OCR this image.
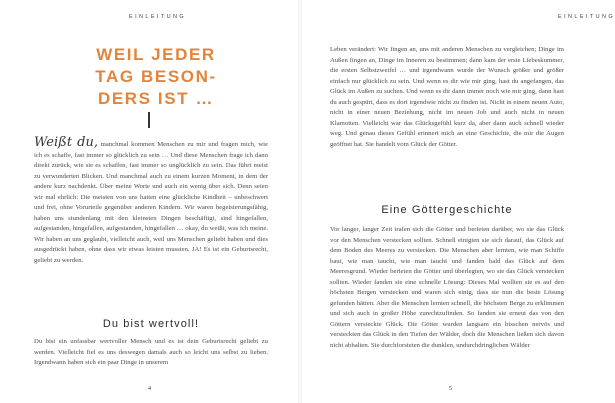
EINLEITUNG
WEIL JEDER
TAG BESON-
DERS IST …

Weißt du, manchmal kommen Menschen zu mir und fragen mich, wie ich es schaffe, fast immer so glücklich zu sein … Und diese Menschen frage ich dann direkt zurück, wie sie es schaffen, fast immer so unglücklich zu sein. Das führt meist zu verwunderten Blicken. Und manchmal auch zu einem kurzen Moment, in dem der andere kurz nachdenkt. Über meine Worte und auch ein wenig über sich. Denn seien wir mal ehrlich: Die meisten von uns hatten eine glückliche Kindheit – unbeschwert und frei, ohne Vorurteile gegenüber anderen Kindern. Wir waren begeisterungsfähig, haben uns stundenlang mit den kleinsten Dingen beschäftigt, sind hingefallen, aufgestanden, hingefallen, aufgestanden, hingefallen … okay, du weißt, was ich meine. Wir haben an uns geglaubt, vielleicht auch, weil uns Menschen geliebt haben und dies ausgedrückt haben, ohne dass wir etwas leisten mussten. JA! Es ist ein Geburtsrecht, geliebt zu werden.

Du bist wertvoll!

Du bist ein unfassbar wertvoller Mensch und es ist dein Geburtsrecht geliebt zu werden. Vielleicht fiel es uns deswegen damals auch so leicht uns selbst zu lieben. Irgendwann haben sich ein paar Dinge in unserem

4
EINLEITUNG

Leben verändert: Wir fingen an, uns mit anderen Menschen zu vergleichen; Dinge im Außen fingen an, Dinge im Inneren zu bestimmen; dann kam der erste Liebeskummer, die ersten Selbstzweifel … und irgendwann wurde der Wunsch größer und größer einfach nur glücklich zu sein. Und wenn es dir wie mir ging, hast du angefangen, das Glück im Außen zu suchen. Und wenn es dir dann immer noch wie mir ging, dann hast du auch gespürt, dass es dort irgendwie nicht zu finden ist. Nicht in einem neuen Auto, nicht in einer neuen Beziehung, nicht im neuen Job und auch nicht in neuen Klamotten. Vielleicht war das Glücksgefühl kurz da, aber dann auch schnell wieder weg. Und genau dieses Gefühl erinnert mich an eine Geschichte, die mir die Augen geöffnet hat. Sie handelt vom Glück der Götter.

Eine Göttergeschichte

Vor langer, langer Zeit trafen sich die Götter und berieten darüber, wo sie das Glück vor den Menschen verstecken sollten. Schnell einigten sie sich darauf, das Glück auf dem Boden des Meeres zu verstecken. Die Menschen aber lernten, wie man Schiffe baut, wie man taucht, wie man taucht und fanden bald das Glück auf dem Meeresgrund. Wieder berieten die Götter und überlegten, wo sie das Glück verstecken sollten. Wieder fanden sie eine schnelle Lösung: Dieses Mal wollten sie es auf den höchsten Bergen verstecken und waren sich einig, dass sie nun die beste Lösung gefunden hätten. Aber die Menschen lernten schnell, die höchsten Berge zu erklimmen und sich auch in großer Höhe zurechtzufinden. So fanden sie erneut das von den Göttern versteckte Glück. Die Götter wurden langsam ein bisschen nervös und versteckten das Glück in den Tiefen der Wälder, doch die Menschen ließen sich davon nicht abhalten. Sie durchforsteten die dunklen, undurchdringlichen Wälder

5
